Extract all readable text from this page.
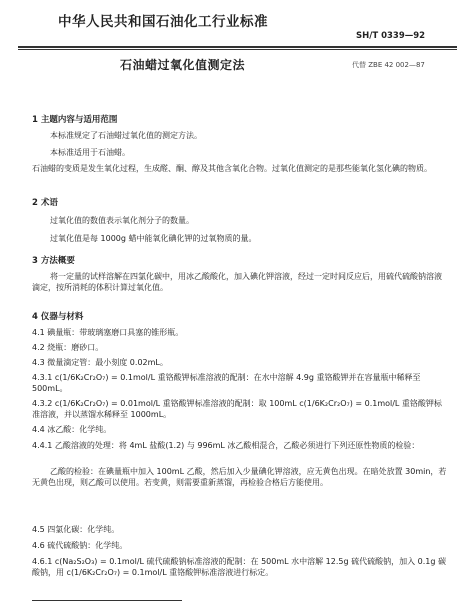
中华人民共和国石油化工行业标准
SH/T 0339—92
石油蜡过氧化值测定法	代替 ZBE 42 002—87
1 主题内容与适用范围
本标准规定了石油蜡过氧化值的测定方法。
本标准适用于石油蜡。
石油蜡的变质是发生氧化过程，生成醛、酮、醇及其他含氧化合物。过氧化值测定的是那些能氧化氢化碘的物质。
2 术语
过氧化值的数值表示氧化剂分子的数量。
过氧化值是每 1000g 蜡中能氧化碘化钾的过氧物质的量。
3 方法概要
将一定量的试样溶解在四氯化碳中，用冰乙酸酸化，加入碘化钾溶液，经过一定时间反应后，用硫代硫酸钠溶液滴定，按所消耗的体积计算过氧化值。
4 仪器与材料
4.1 碘量瓶：带玻璃塞磨口具塞的锥形瓶。
4.2 烧瓶：磨砂口。
4.3 微量滴定管：最小刻度 0.02mL。
4.3.1 c(1/6K₂Cr₂O₇) = 0.1mol/L 重铬酸钾标准溶液的配制：在水中溶解 4.9g 重铬酸钾并在容量瓶中稀释至 500mL。
4.3.2 c(1/6K₂Cr₂O₇) = 0.01mol/L 重铬酸钾标准溶液的配制：取 100mL c(1/6K₂Cr₂O₇) = 0.1mol/L 重铬酸钾标准溶液，并以蒸馏水稀释至 1000mL。
4.4 冰乙酸：化学纯。
4.4.1 乙酸溶液的处理：将 4mL 盐酸(1.2) 与 996mL 冰乙酸相混合，乙酸必须进行下列还原性物质的检验：
乙酸的检验：在碘量瓶中加入 100mL 乙酸，然后加入少量碘化钾溶液，应无黄色出现。在暗处放置 30min，若无黄色出现，则乙酸可以使用。若变黄，则需要重新蒸馏，再检验合格后方能使用。
4.5 四氯化碳：化学纯。
4.6 硫代硫酸钠：化学纯。
4.6.1 c(Na₂S₂O₃) = 0.1mol/L 硫代硫酸钠标准溶液的配制：在 500mL 水中溶解 12.5g 硫代硫酸钠，加入 0.1g 碳酸钠，用 c(1/6K₂Cr₂O₇) = 0.1mol/L 重铬酸钾标准溶液进行标定。
